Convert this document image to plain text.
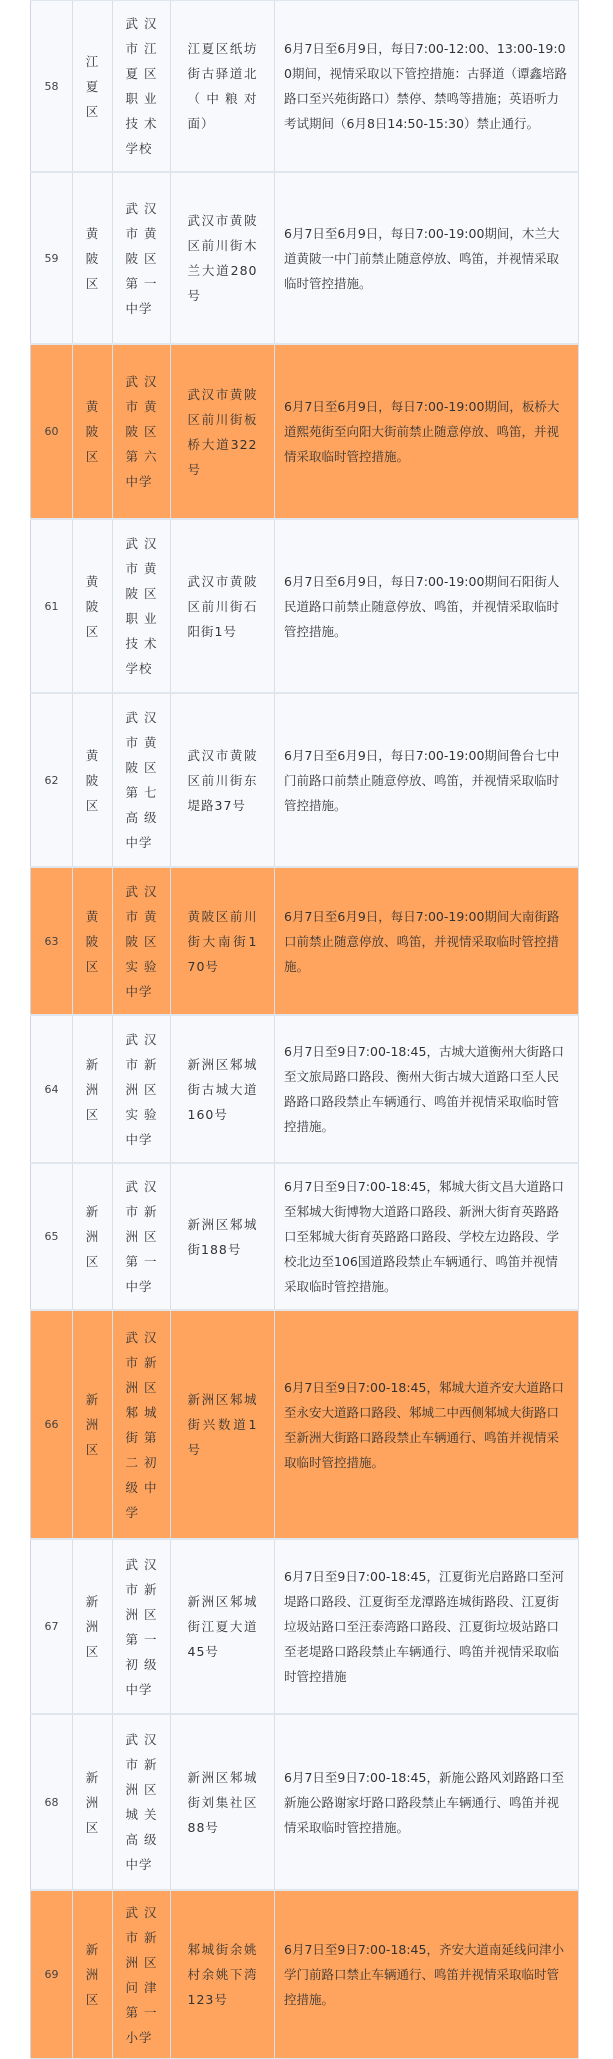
58
江夏区
武汉市江夏区职业技术学校
江夏区纸坊街古驿道北（中粮对面）
6月7日至6月9日，每日7:00-12:00、13:00-19:00期间，视情采取以下管控措施：古驿道（谭鑫培路路口至兴苑街路口）禁停、禁鸣等措施；英语听力考试期间（6月8日14:50-15:30）禁止通行。
59
黄陂区
武汉市黄陂区第一中学
武汉市黄陂区前川街木兰大道280号
6月7日至6月9日，每日7:00-19:00期间，木兰大道黄陂一中门前禁止随意停放、鸣笛，并视情采取临时管控措施。
60
黄陂区
武汉市黄陂区第六中学
武汉市黄陂区前川街板桥大道322号
6月7日至6月9日，每日7:00-19:00期间，板桥大道熙苑街至向阳大街前禁止随意停放、鸣笛，并视情采取临时管控措施。
61
黄陂区
武汉市黄陂区职业技术学校
武汉市黄陂区前川街石阳街1号
6月7日至6月9日，每日7:00-19:00期间石阳街人民道路口前禁止随意停放、鸣笛，并视情采取临时管控措施。
62
黄陂区
武汉市黄陂区第七高级中学
武汉市黄陂区前川街东堤路37号
6月7日至6月9日，每日7:00-19:00期间鲁台七中门前路口前禁止随意停放、鸣笛，并视情采取临时管控措施。
63
黄陂区
武汉市黄陂区实验中学
黄陂区前川街大南街170号
6月7日至6月9日，每日7:00-19:00期间大南街路口前禁止随意停放、鸣笛，并视情采取临时管控措施。
64
新洲区
武汉市新洲区实验中学
新洲区邾城街古城大道160号
6月7日至9日7:00-18:45，古城大道衡州大街路口至文旅局路口路段、衡州大街古城大道路口至人民路路口路段禁止车辆通行、鸣笛并视情采取临时管控措施。
65
新洲区
武汉市新洲区第一中学
新洲区邾城街188号
6月7日至9日7:00-18:45，邾城大街文昌大道路口至邾城大街博物大道路口路段、新洲大街育英路路口至邾城大街育英路路口路段、学校左边路段、学校北边至106国道路段禁止车辆通行、鸣笛并视情采取临时管控措施。
66
新洲区
武汉市新洲区邾城街第二初级中学
新洲区邾城街兴数道1号
6月7日至9日7:00-18:45，邾城大道齐安大道路口至永安大道路口路段、邾城二中西侧邾城大街路口至新洲大街路口路段禁止车辆通行、鸣笛并视情采取临时管控措施。
67
新洲区
武汉市新洲区第一初级中学
新洲区邾城街江夏大道45号
6月7日至9日7:00-18:45，江夏街光启路路口至河堤路口路段、江夏街至龙潭路连城街路段、江夏街垃圾站路口至汪泰湾路口路段、江夏街垃圾站路口至老堤路口路段禁止车辆通行、鸣笛并视情采取临时管控措施
68
新洲区
武汉市新洲区城关高级中学
新洲区邾城街刘集社区88号
6月7日至9日7:00-18:45，新施公路风刘路路口至新施公路谢家圩路口路段禁止车辆通行、鸣笛并视情采取临时管控措施。
69
新洲区
武汉市新洲区问津第一小学
邾城街余姚村余姚下湾123号
6月7日至9日7:00-18:45，齐安大道南延线问津小学门前路口禁止车辆通行、鸣笛并视情采取临时管控措施。
